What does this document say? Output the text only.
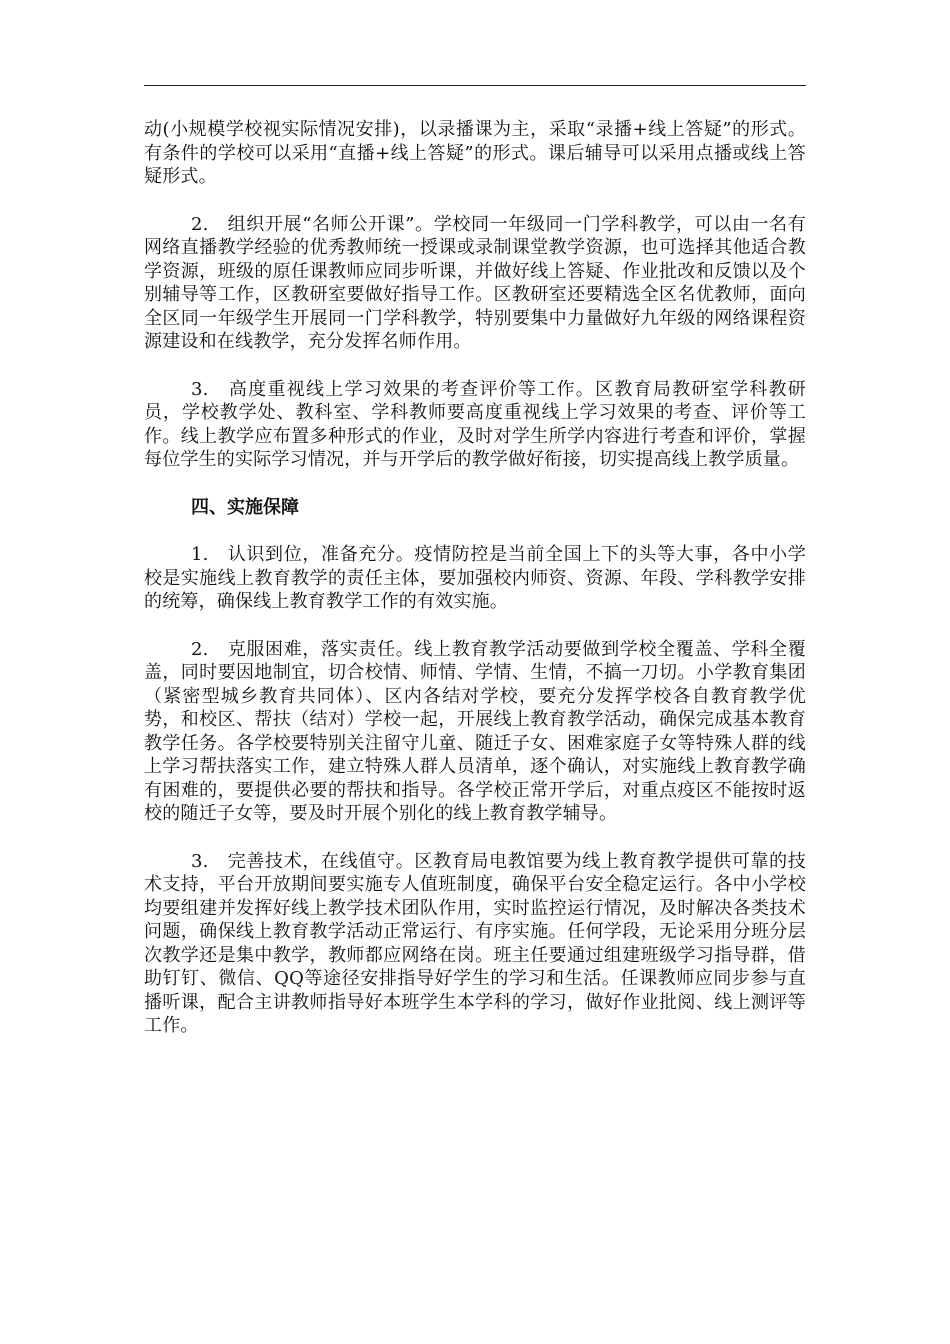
动(小规模学校视实际情况安排)，以录播课为主，采取“录播+线上答疑”的形式。有条件的学校可以采用“直播+线上答疑”的形式。课后辅导可以采用点播或线上答疑形式。

2.　组织开展“名师公开课”。学校同一年级同一门学科教学，可以由一名有网络直播教学经验的优秀教师统一授课或录制课堂教学资源，也可选择其他适合教学资源，班级的原任课教师应同步听课，并做好线上答疑、作业批改和反馈以及个别辅导等工作，区教研室要做好指导工作。区教研室还要精选全区名优教师，面向全区同一年级学生开展同一门学科教学，特别要集中力量做好九年级的网络课程资源建设和在线教学，充分发挥名师作用。

3.　高度重视线上学习效果的考查评价等工作。区教育局教研室学科教研员，学校教学处、教科室、学科教师要高度重视线上学习效果的考查、评价等工作。线上教学应布置多种形式的作业，及时对学生所学内容进行考查和评价，掌握每位学生的实际学习情况，并与开学后的教学做好衔接，切实提高线上教学质量。

四、实施保障

1.　认识到位，准备充分。疫情防控是当前全国上下的头等大事，各中小学校是实施线上教育教学的责任主体，要加强校内师资、资源、年段、学科教学安排的统筹，确保线上教育教学工作的有效实施。

2.　克服困难，落实责任。线上教育教学活动要做到学校全覆盖、学科全覆盖，同时要因地制宜，切合校情、师情、学情、生情，不搞一刀切。小学教育集团（紧密型城乡教育共同体）、区内各结对学校，要充分发挥学校各自教育教学优势，和校区、帮扶（结对）学校一起，开展线上教育教学活动，确保完成基本教育教学任务。各学校要特别关注留守儿童、随迁子女、困难家庭子女等特殊人群的线上学习帮扶落实工作，建立特殊人群人员清单，逐个确认，对实施线上教育教学确有困难的，要提供必要的帮扶和指导。各学校正常开学后，对重点疫区不能按时返校的随迁子女等，要及时开展个别化的线上教育教学辅导。

3.　完善技术，在线值守。区教育局电教馆要为线上教育教学提供可靠的技术支持，平台开放期间要实施专人值班制度，确保平台安全稳定运行。各中小学校均要组建并发挥好线上教学技术团队作用，实时监控运行情况，及时解决各类技术问题，确保线上教育教学活动正常运行、有序实施。任何学段，无论采用分班分层次教学还是集中教学，教师都应网络在岗。班主任要通过组建班级学习指导群，借助钉钉、微信、QQ等途径安排指导好学生的学习和生活。任课教师应同步参与直播听课，配合主讲教师指导好本班学生本学科的学习，做好作业批阅、线上测评等工作。
